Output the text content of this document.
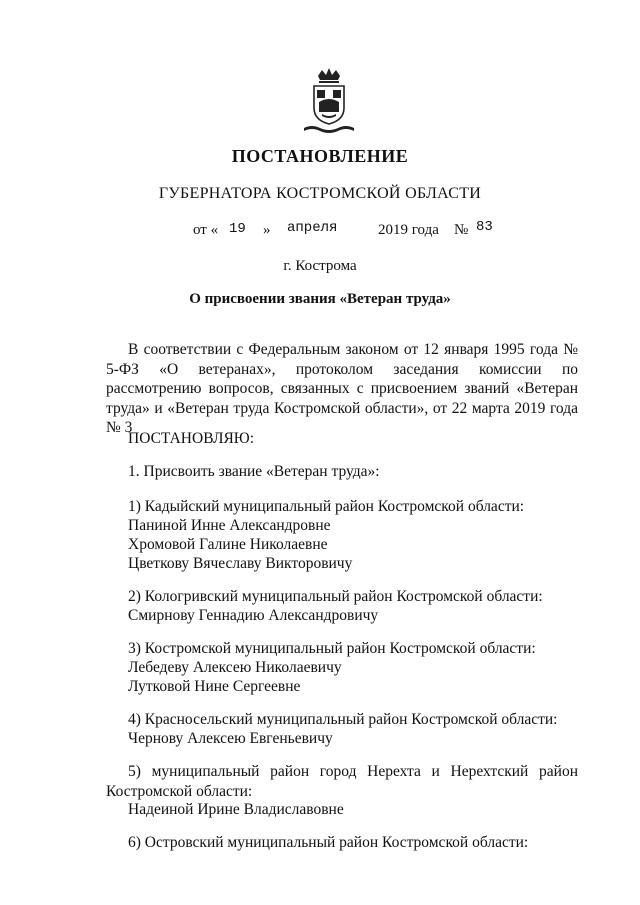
ПОСТАНОВЛЕНИЕ
ГУБЕРНАТОРА КОСТРОМСКОЙ ОБЛАСТИ
от « 19 » апреля	2019 года № 83
г. Кострома
О присвоении звания «Ветеран труда»
В соответствии с Федеральным законом от 12 января 1995 года № 5-ФЗ «О ветеранах», протоколом заседания комиссии по рассмотрению вопросов, связанных с присвоением званий «Ветеран труда» и «Ветеран труда Костромской области», от 22 марта 2019 года № 3
ПОСТАНОВЛЯЮ:
1. Присвоить звание «Ветеран труда»:
1) Кадыйский муниципальный район Костромской области:
Паниной Инне Александровне
Хромовой Галине Николаевне
Цветкову Вячеславу Викторовичу
2) Кологривский муниципальный район Костромской области:
Смирнову Геннадию Александровичу
3) Костромской муниципальный район Костромской области:
Лебедеву Алексею Николаевичу
Лутковой Нине Сергеевне
4) Красносельский муниципальный район Костромской области:
Чернову Алексею Евгеньевичу
5) муниципальный район город Нерехта и Нерехтский район Костромской области:
Надеиной Ирине Владиславовне
6) Островский муниципальный район Костромской области:
